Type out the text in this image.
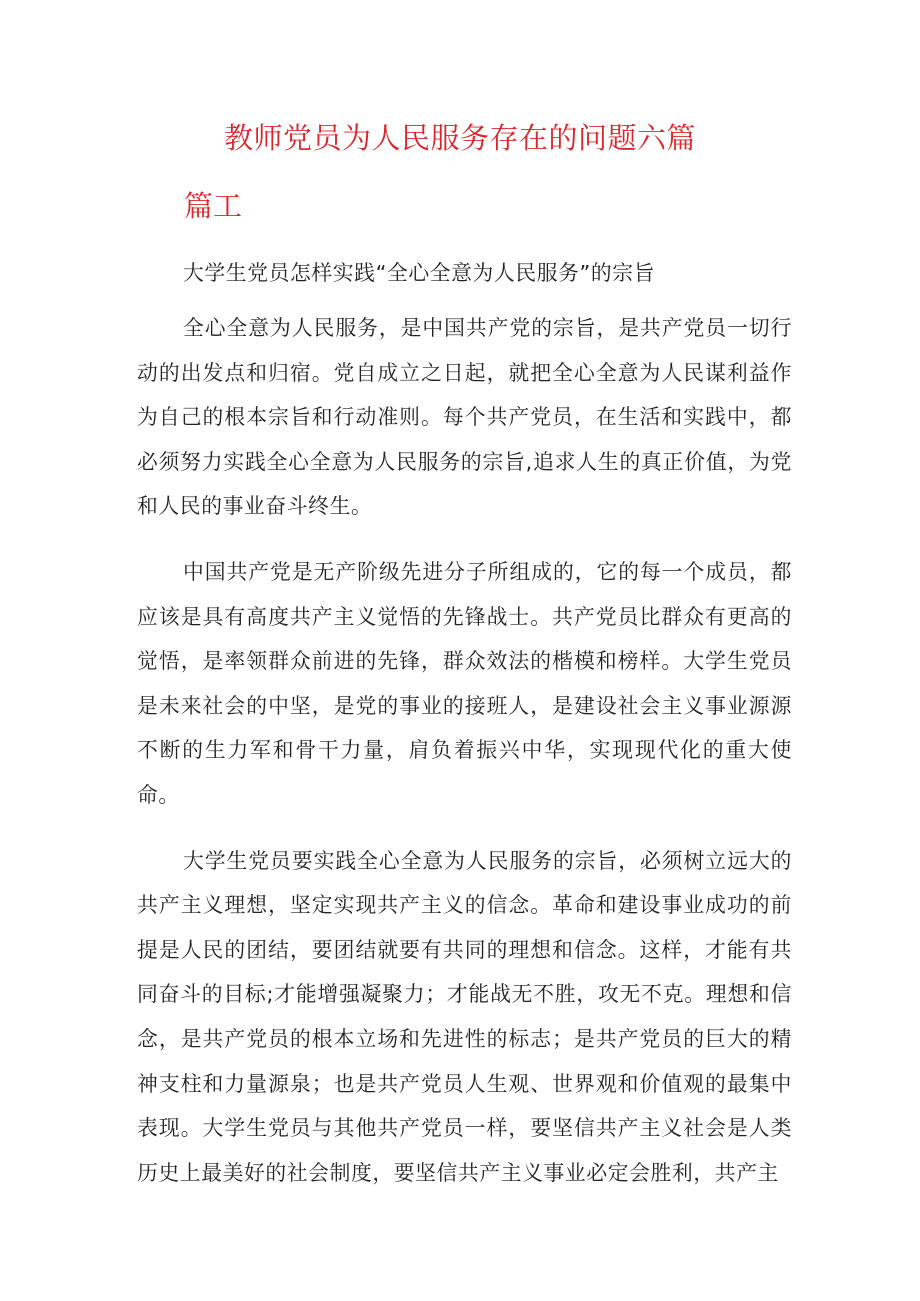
教师党员为人民服务存在的问题六篇
篇工

大学生党员怎样实践“全心全意为人民服务”的宗旨

全心全意为人民服务，是中国共产党的宗旨，是共产党员一切行动的出发点和归宿。党自成立之日起，就把全心全意为人民谋利益作为自己的根本宗旨和行动准则。每个共产党员，在生活和实践中，都必须努力实践全心全意为人民服务的宗旨,追求人生的真正价值，为党和人民的事业奋斗终生。

中国共产党是无产阶级先进分子所组成的，它的每一个成员，都应该是具有高度共产主义觉悟的先锋战士。共产党员比群众有更高的觉悟，是率领群众前进的先锋，群众效法的楷模和榜样。大学生党员是未来社会的中坚，是党的事业的接班人，是建设社会主义事业源源不断的生力军和骨干力量，肩负着振兴中华，实现现代化的重大使命。

大学生党员要实践全心全意为人民服务的宗旨，必须树立远大的共产主义理想，坚定实现共产主义的信念。革命和建设事业成功的前提是人民的团结，要团结就要有共同的理想和信念。这样，才能有共同奋斗的目标;才能增强凝聚力；才能战无不胜，攻无不克。理想和信念，是共产党员的根本立场和先进性的标志；是共产党员的巨大的精神支柱和力量源泉；也是共产党员人生观、世界观和价值观的最集中表现。大学生党员与其他共产党员一样，要坚信共产主义社会是人类历史上最美好的社会制度，要坚信共产主义事业必定会胜利，共产主
